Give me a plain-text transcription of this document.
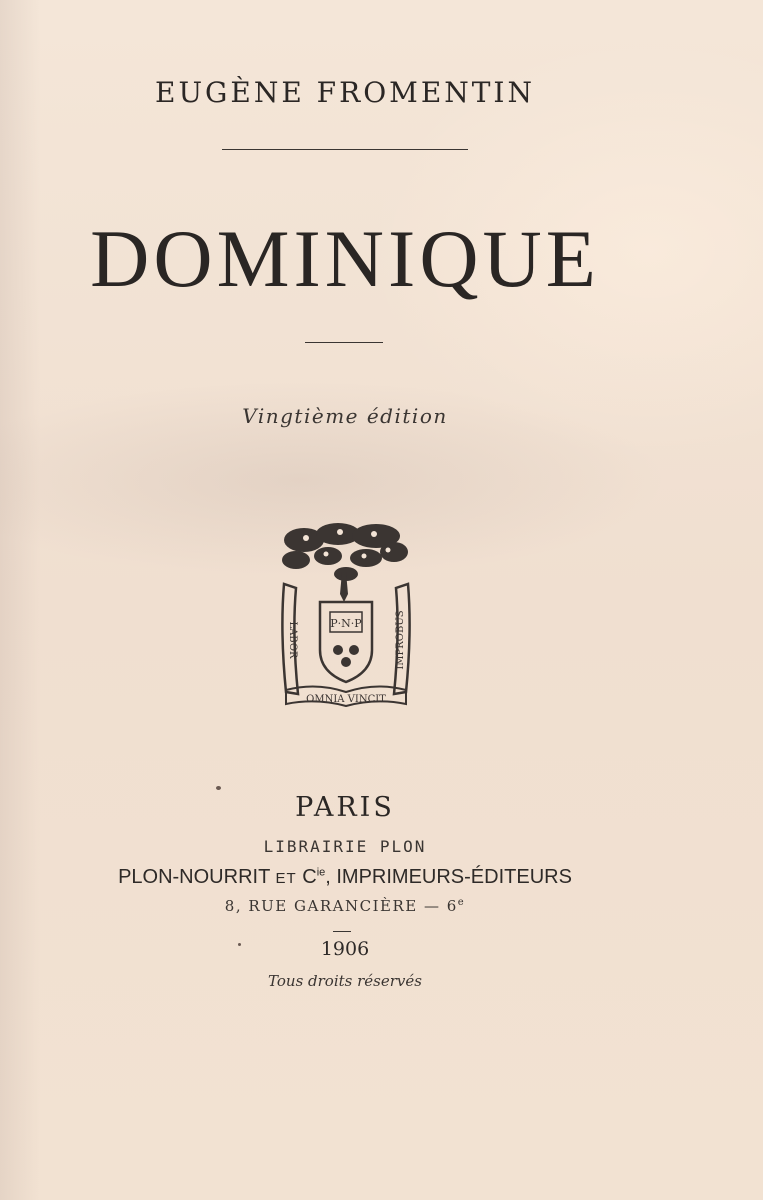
EUGÈNE FROMENTIN
DOMINIQUE
Vingtième édition
LABOR	IMPROBUS
P·N·P
OMNIA VINCIT
PARIS
LIBRAIRIE PLON
PLON-NOURRIT ET $C^{ie}$, IMPRIMEURS-ÉDITEURS
8, RUE GARANCIÈRE — 6e
1906
Tous droits réservés
